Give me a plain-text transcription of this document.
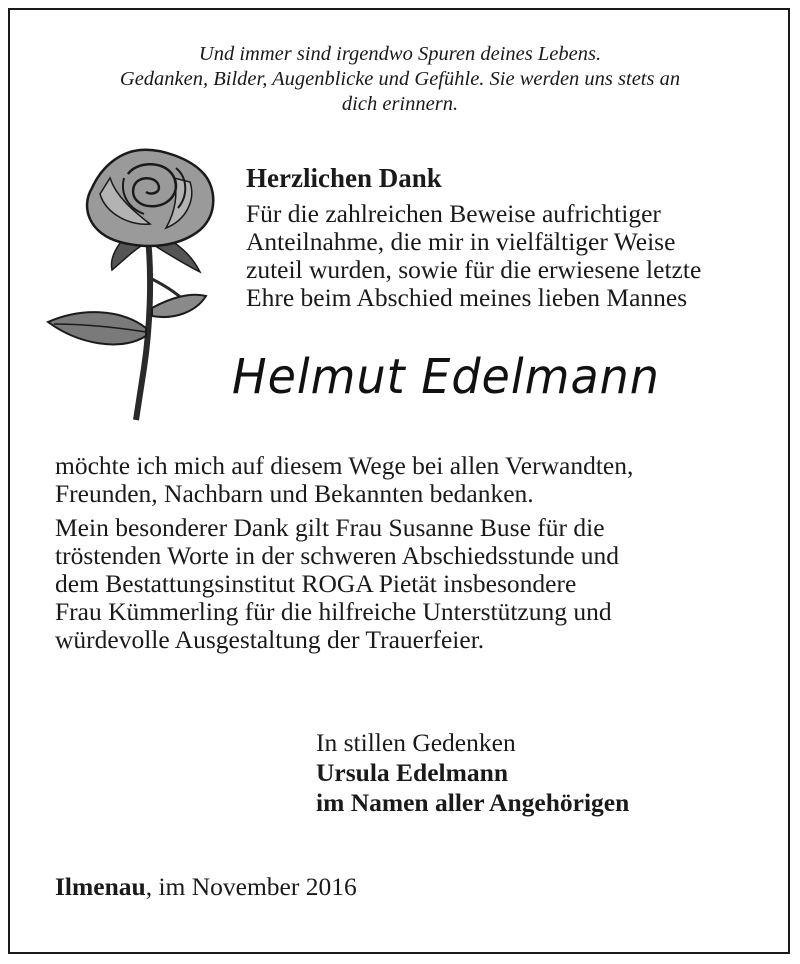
Und immer sind irgendwo Spuren deines Lebens.
Gedanken, Bilder, Augenblicke und Gefühle. Sie werden uns stets an
dich erinnern.
Herzlichen Dank
Für die zahlreichen Beweise aufrichtiger
Anteilnahme, die mir in vielfältiger Weise
zuteil wurden, sowie für die erwiesene letzte
Ehre beim Abschied meines lieben Mannes
Helmut Edelmann
möchte ich mich auf diesem Wege bei allen Verwandten,
Freunden, Nachbarn und Bekannten bedanken.
Mein besonderer Dank gilt Frau Susanne Buse für die
tröstenden Worte in der schweren Abschiedsstunde und
dem Bestattungsinstitut ROGA Pietät insbesondere
Frau Kümmerling für die hilfreiche Unterstützung und
würdevolle Ausgestaltung der Trauerfeier.
In stillen Gedenken
Ursula Edelmann
im Namen aller Angehörigen
Ilmenau, im November 2016
